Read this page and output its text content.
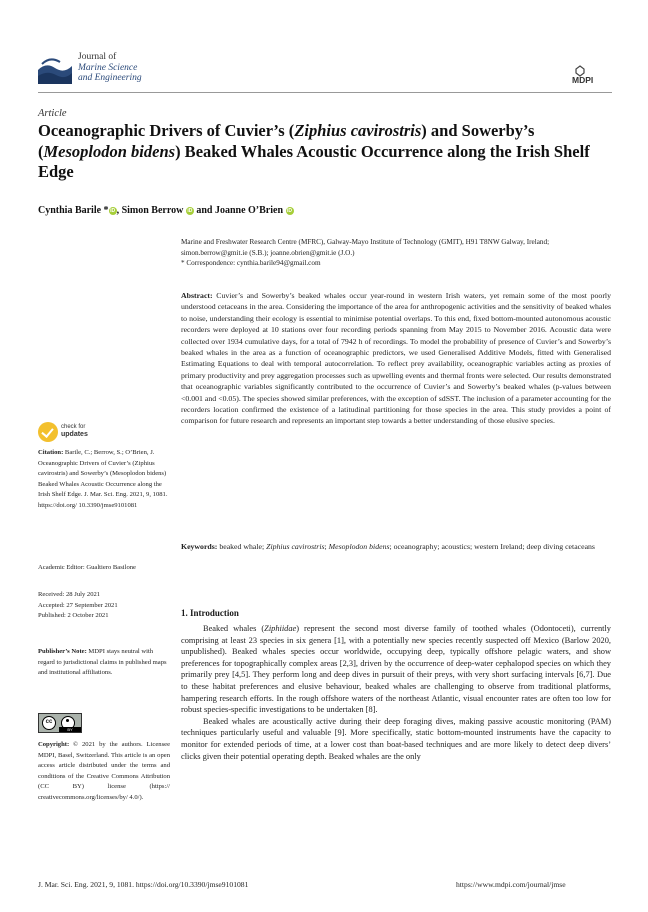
Journal of
Marine Science
and Engineering	MDPI
Article
Oceanographic Drivers of Cuvier’s (Ziphius cavirostris) and Sowerby’s (Mesoplodon bidens) Beaked Whales Acoustic Occurrence along the Irish Shelf Edge
Cynthia Barile * iD , Simon Berrow iD and Joanne O’Brien iD
Marine and Freshwater Research Centre (MFRC), Galway-Mayo Institute of Technology (GMIT), H91 T8NW Galway, Ireland; simon.berrow@gmit.ie (S.B.); joanne.obrien@gmit.ie (J.O.)
* Correspondence: cynthia.barile94@gmail.com
Abstract: Cuvier’s and Sowerby’s beaked whales occur year-round in western Irish waters, yet remain some of the most poorly understood cetaceans in the area. Considering the importance of the area for anthropogenic activities and the sensitivity of beaked whales to noise, understanding their ecology is essential to minimise potential overlaps. To this end, fixed bottom-mounted autonomous acoustic recorders were deployed at 10 stations over four recording periods spanning from May 2015 to November 2016. Acoustic data were collected over 1934 cumulative days, for a total of 7942 h of recordings. To model the probability of presence of Cuvier’s and Sowerby’s beaked whales in the area as a function of oceanographic predictors, we used Generalised Additive Models, fitted with Generalised Estimating Equations to deal with temporal autocorrelation. To reflect prey availability, oceanographic variables acting as proxies of primary productivity and prey aggregation processes such as upwelling events and thermal fronts were selected. Our results demonstrated that oceanographic variables significantly contributed to the occurrence of Cuvier’s and Sowerby’s beaked whales (p-values between <0.001 and <0.05). The species showed similar preferences, with the exception of sdSST. The inclusion of a parameter accounting for the recorders location confirmed the existence of a latitudinal partitioning for those species in the area. This study provides a point of comparison for future research and represents an important step towards a better understanding of those elusive species.
Keywords: beaked whale; Ziphius cavirostris; Mesoplodon bidens; oceanography; acoustics; western Ireland; deep diving cetaceans
1. Introduction

Beaked whales (Ziphiidae) represent the second most diverse family of toothed whales (Odontoceti), currently comprising at least 23 species in six genera [1], with a potentially new species recently suspected off Mexico (Barlow 2020, unpublished). Beaked whales species occur worldwide, occupying deep, typically offshore pelagic waters, and show preferences for topographically complex areas [2,3], driven by the occurrence of deep-water cephalopod species on which they primarily prey [4,5]. They perform long and deep dives in pursuit of their preys, with very short surfacing intervals [6,7]. Due to these habitat preferences and elusive behaviour, beaked whales are challenging to observe from traditional platforms, hampering research efforts. In the rough offshore waters of the northeast Atlantic, visual encounter rates are often too low for robust species-specific investigations to be undertaken [8].

Beaked whales are acoustically active during their deep foraging dives, making passive acoustic monitoring (PAM) techniques particularly useful and valuable [9]. More specifically, static bottom-mounted instruments have the capacity to monitor for extended periods of time, at a lower cost than boat-based techniques and are more likely to detect deep divers’ clicks given their potential operating depth. Beaked whales are the only

check for
updates
Citation: Barile, C.; Berrow, S.; O’Brien, J. Oceanographic Drivers of Cuvier’s (Ziphius cavirostris) and Sowerby’s (Mesoplodon bidens) Beaked Whales Acoustic Occurrence along the Irish Shelf Edge. J. Mar. Sci. Eng. 2021, 9, 1081. https://doi.org/ 10.3390/jmse9101081
Academic Editor: Gualtiero Basilone
Received: 28 July 2021
Accepted: 27 September 2021
Published: 2 October 2021
Publisher’s Note: MDPI stays neutral with regard to jurisdictional claims in published maps and institutional affiliations.
cc
BY
Copyright: © 2021 by the authors. Licensee MDPI, Basel, Switzerland. This article is an open access article distributed under the terms and conditions of the Creative Commons Attribution (CC BY) license (https:// creativecommons.org/licenses/by/ 4.0/).
J. Mar. Sci. Eng. 2021, 9, 1081. https://doi.org/10.3390/jmse9101081	https://www.mdpi.com/journal/jmse
